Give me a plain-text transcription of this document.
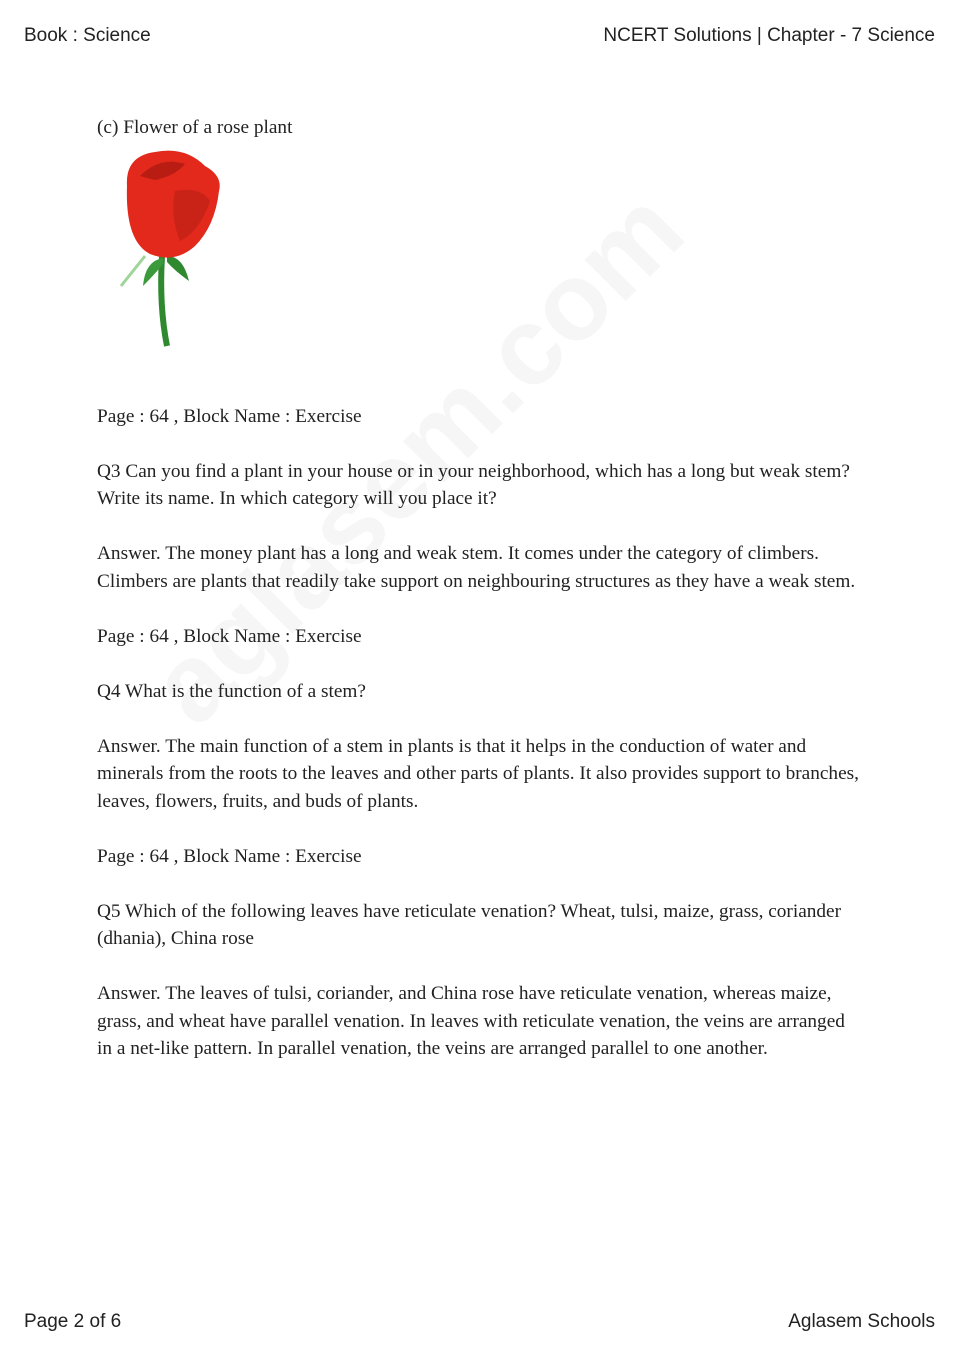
Book : Science	NCERT Solutions | Chapter - 7 Science

(c) Flower of a rose plant

Page : 64 , Block Name : Exercise

Q3 Can you find a plant in your house or in your neighborhood, which has a long but weak stem? Write its name. In which category will you place it?

Answer. The money plant has a long and weak stem. It comes under the category of climbers. Climbers are plants that readily take support on neighbouring structures as they have a weak stem.

Page : 64 , Block Name : Exercise

Q4 What is the function of a stem?

Answer. The main function of a stem in plants is that it helps in the conduction of water and minerals from the roots to the leaves and other parts of plants. It also provides support to branches, leaves, flowers, fruits, and buds of plants.

Page : 64 , Block Name : Exercise

Q5 Which of the following leaves have reticulate venation? Wheat, tulsi, maize, grass, coriander (dhania), China rose

Answer. The leaves of tulsi, coriander, and China rose have reticulate venation, whereas maize, grass, and wheat have parallel venation. In leaves with reticulate venation, the veins are arranged in a net-like pattern. In parallel venation, the veins are arranged parallel to one another.

Page 2 of 6	Aglasem Schools
